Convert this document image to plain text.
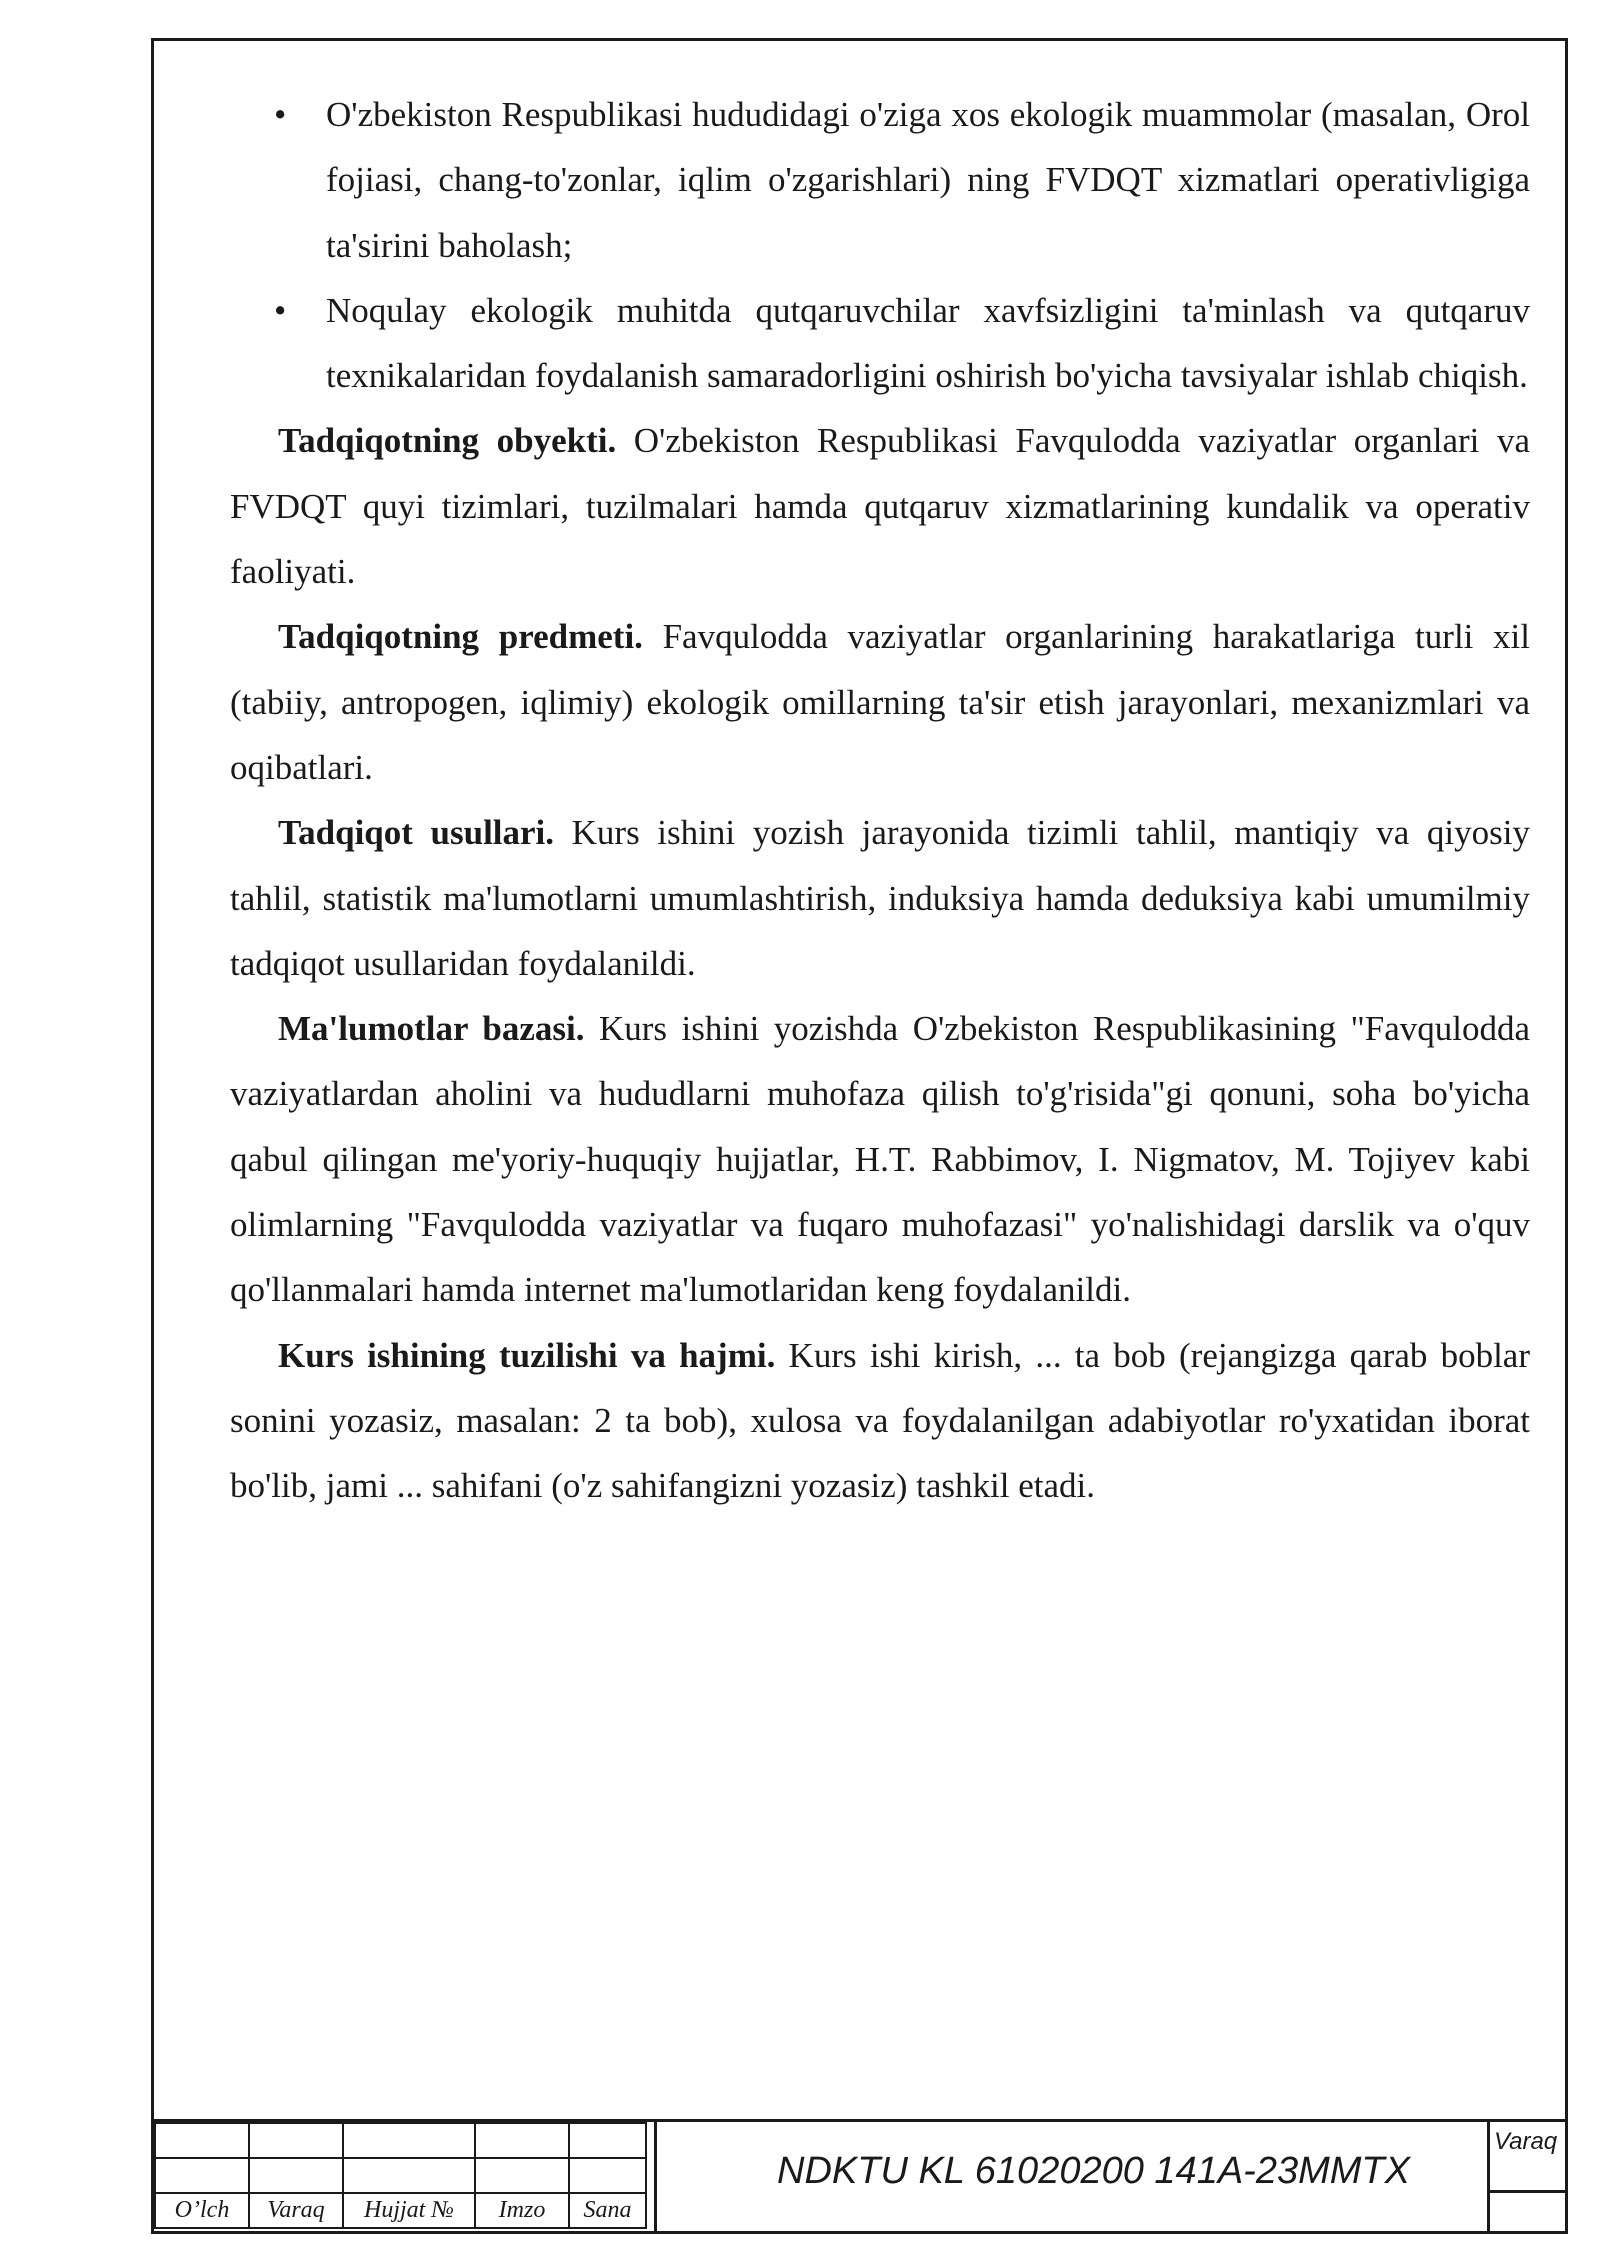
• O'zbekiston Respublikasi hududidagi o'ziga xos ekologik muammolar (masalan, Orol fojiasi, chang-to'zonlar, iqlim o'zgarishlari) ning FVDQT xizmatlari operativligiga ta'sirini baholash;
• Noqulay ekologik muhitda qutqaruvchilar xavfsizligini ta'minlash va qutqaruv texnikalaridan foydalanish samaradorligini oshirish bo'yicha tavsiyalar ishlab chiqish.

Tadqiqotning obyekti. O'zbekiston Respublikasi Favqulodda vaziyatlar organlari va FVDQT quyi tizimlari, tuzilmalari hamda qutqaruv xizmatlarining kundalik va operativ faoliyati.

Tadqiqotning predmeti. Favqulodda vaziyatlar organlarining harakatlariga turli xil (tabiiy, antropogen, iqlimiy) ekologik omillarning ta'sir etish jarayonlari, mexanizmlari va oqibatlari.

Tadqiqot usullari. Kurs ishini yozish jarayonida tizimli tahlil, mantiqiy va qiyosiy tahlil, statistik ma'lumotlarni umumlashtirish, induksiya hamda deduksiya kabi umumilmiy tadqiqot usullaridan foydalanildi.

Ma'lumotlar bazasi. Kurs ishini yozishda O'zbekiston Respublikasining "Favqulodda vaziyatlardan aholini va hududlarni muhofaza qilish to'g'risida"gi qonuni, soha bo'yicha qabul qilingan me'yoriy-huquqiy hujjatlar, H.T. Rabbimov, I. Nigmatov, M. Tojiyev kabi olimlarning "Favqulodda vaziyatlar va fuqaro muhofazasi" yo'nalishidagi darslik va o'quv qo'llanmalari hamda internet ma'lumotlaridan keng foydalanildi.

Kurs ishining tuzilishi va hajmi. Kurs ishi kirish, ... ta bob (rejangizga qarab boblar sonini yozasiz, masalan: 2 ta bob), xulosa va foydalanilgan adabiyotlar ro'yxatidan iborat bo'lib, jami ... sahifani (o'z sahifangizni yozasiz) tashkil etadi.

O’lch	Varaq	Hujjat №	Imzo	Sana
NDKTU KL 61020200 141A-23MMTX
Varaq
